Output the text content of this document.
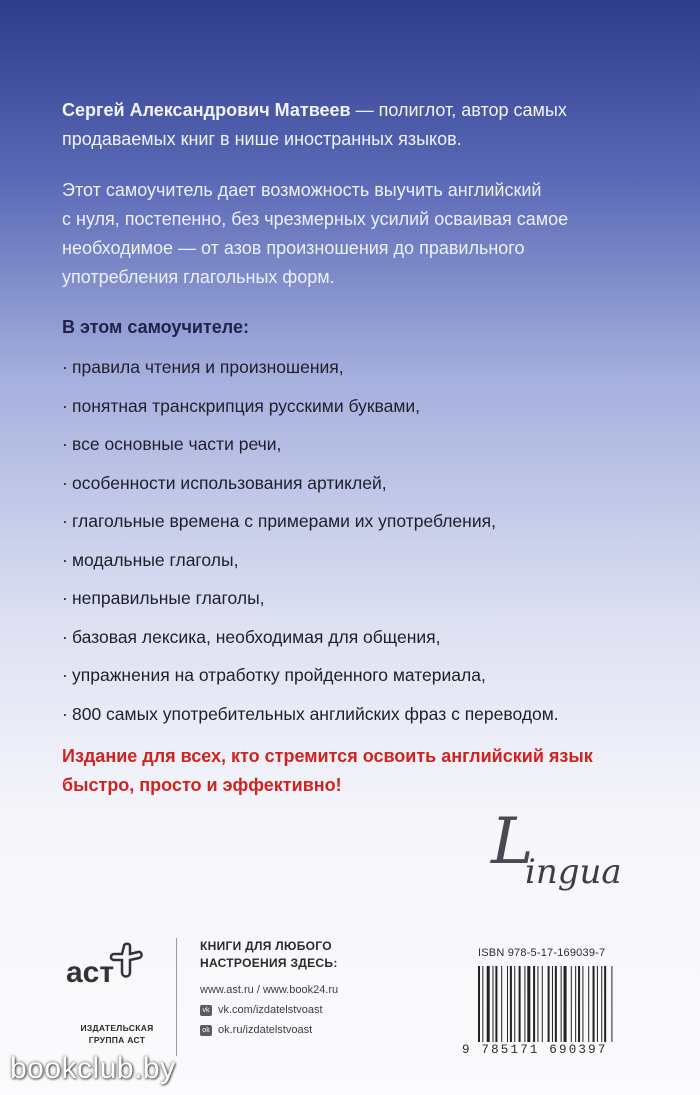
Сергей Александрович Матвеев — полиглот, автор самых продаваемых книг в нише иностранных языков.

Этот самоучитель дает возможность выучить английский

с нуля, постепенно, без чрезмерных усилий осваивая самое

необходимое — от азов произношения до правильного

употребления глагольных форм.

В этом самоучителе:
· правила чтения и произношения,
· понятная транскрипция русскими буквами,
· все основные части речи,
· особенности использования артиклей,
· глагольные времена с примерами их употребления,
· модальные глаголы,
· неправильные глаголы,
· базовая лексика, необходимая для общения,
· упражнения на отработку пройденного материала,
· 800 самых употребительных английских фраз с переводом.

Издание для всех, кто стремится освоить английский язык

быстро, просто и эффективно!

L
ingua
аст
ИЗДАТЕЛЬСКАЯ
ГРУППА АСТ
КНИГИ ДЛЯ ЛЮБОГО
НАСТРОЕНИЯ ЗДЕСЬ:
www.ast.ru / www.book24.ru
vk vk.com/izdatelstvoast
ok ok.ru/izdatelstvoast
ISBN 978-5-17-169039-7
9 785171 690397
bookclub.by
